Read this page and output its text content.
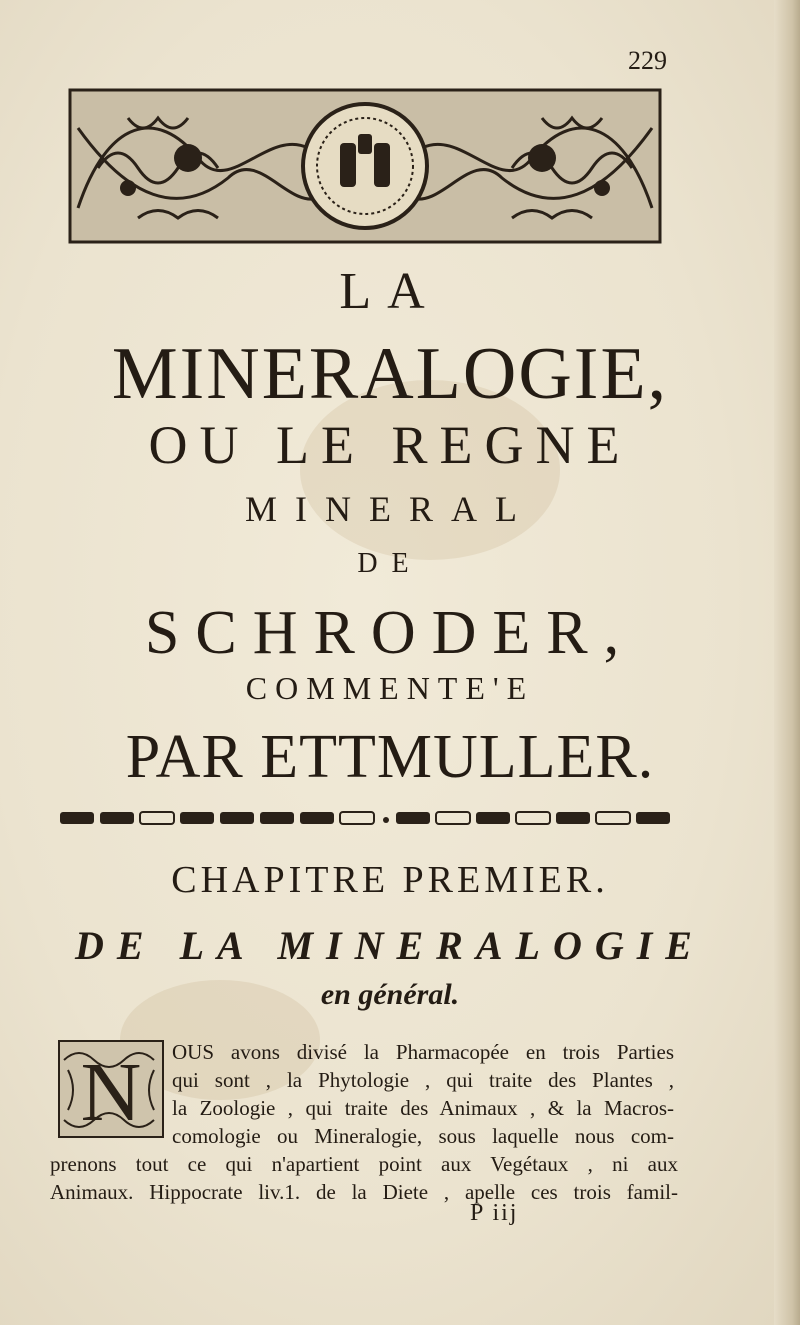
229
LA
MINERALOGIE,
OU LE REGNE
MINERAL
DE
SCHRODER,
COMMENTE'E
PAR ETTMULLER.
CHAPITRE PREMIER.
DE LA MINERALOGIE
en général.
N OUS avons divisé la Pharmacopée en trois Parties
qui sont , la Phytologie , qui traite des Plantes ,
la Zoologie , qui traite des Animaux , & la Macros-
comologie ou Mineralogie, sous laquelle nous com-
prenons tout ce qui n'apartient point aux Vegétaux , ni aux
Animaux. Hippocrate liv.1. de la Diete , apelle ces trois famil-
P iij
